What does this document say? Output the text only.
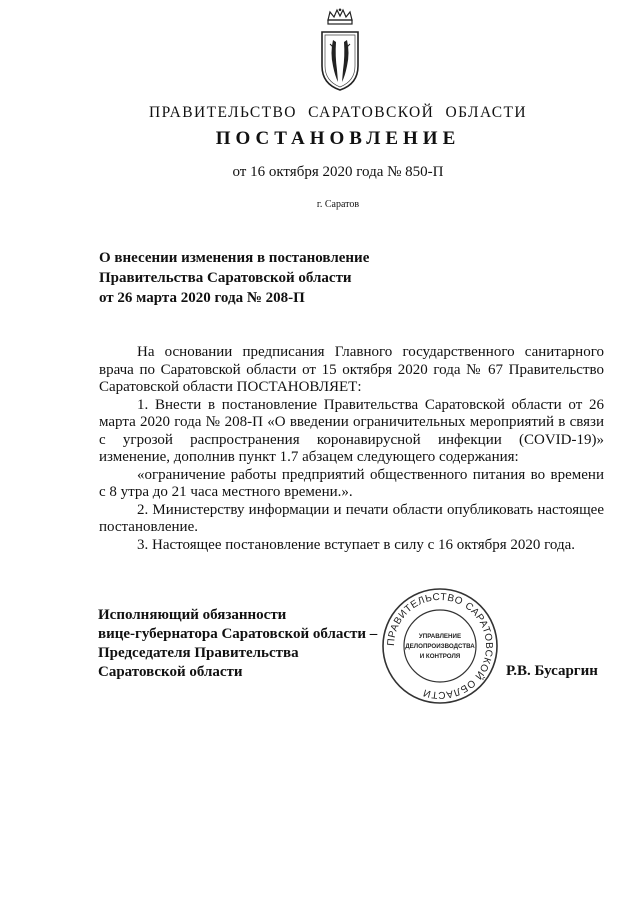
ПРАВИТЕЛЬСТВО САРАТОВСКОЙ ОБЛАСТИ
ПОСТАНОВЛЕНИЕ
от 16 октября 2020 года № 850-П
г. Саратов
О внесении изменения в постановление
Правительства Саратовской области
от 26 марта 2020 года № 208-П

На основании предписания Главного государственного санитарного врача по Саратовской области от 15 октября 2020 года № 67 Правительство Саратовской области ПОСТАНОВЛЯЕТ:

1. Внести в постановление Правительства Саратовской области от 26 марта 2020 года № 208-П «О введении ограничительных мероприятий в связи с угрозой распространения коронавирусной инфекции (COVID-19)» изменение, дополнив пункт 1.7 абзацем следующего содержания:

«ограничение работы предприятий общественного питания во времени с 8 утра до 21 часа местного времени.».

2. Министерству информации и печати области опубликовать настоящее постановление.

3. Настоящее постановление вступает в силу с 16 октября 2020 года.

Исполняющий обязанности
вице-губернатора Саратовской области –
Председателя Правительства
Саратовской области	Р.В. Бусаргин
ПРАВИТЕЛЬСТВО САРАТОВСКОЙ ОБЛАСТИ
УПРАВЛЕНИЕ
ДЕЛОПРОИЗВОДСТВА
И КОНТРОЛЯ
